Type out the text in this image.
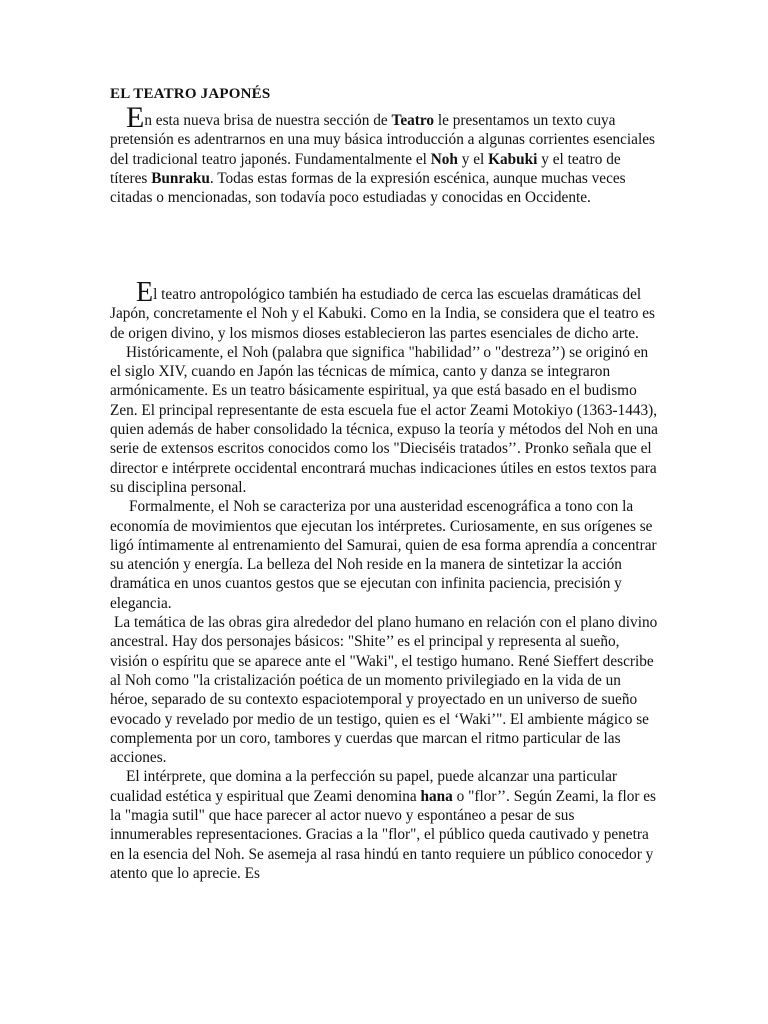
EL TEATRO JAPONÉS
En esta nueva brisa de nuestra sección de Teatro le presentamos un texto cuya pretensión es adentrarnos en una muy básica introducción a algunas corrientes esenciales del tradicional teatro japonés. Fundamentalmente el Noh y el Kabuki y el teatro de títeres Bunraku. Todas estas formas de la expresión escénica, aunque muchas veces citadas o mencionadas, son todavía poco estudiadas y conocidas en Occidente.

El teatro antropológico también ha estudiado de cerca las escuelas dramáticas del Japón, concretamente el Noh y el Kabuki. Como en la India, se considera que el teatro es de origen divino, y los mismos dioses establecieron las partes esenciales de dicho arte.

Históricamente, el Noh (palabra que significa "habilidad’’ o "destreza’’) se originó en el siglo XIV, cuando en Japón las técnicas de mímica, canto y danza se integraron armónicamente. Es un teatro básicamente espiritual, ya que está basado en el budismo Zen. El principal representante de esta escuela fue el actor Zeami Motokiyo (1363-1443), quien además de haber consolidado la técnica, expuso la teoría y métodos del Noh en una serie de extensos escritos conocidos como los "Dieciséis tratados’’. Pronko señala que el director e intérprete occidental encontrará muchas indicaciones útiles en estos textos para su disciplina personal.

Formalmente, el Noh se caracteriza por una austeridad escenográfica a tono con la economía de movimientos que ejecutan los intérpretes. Curiosamente, en sus orígenes se ligó íntimamente al entrenamiento del Samurai, quien de esa forma aprendía a concentrar su atención y energía. La belleza del Noh reside en la manera de sintetizar la acción dramática en unos cuantos gestos que se ejecutan con infinita paciencia, precisión y elegancia.

La temática de las obras gira alrededor del plano humano en relación con el plano divino ancestral. Hay dos personajes básicos: "Shite’’ es el principal y representa al sueño, visión o espíritu que se aparece ante el "Waki", el testigo humano. René Sieffert describe al Noh como "la cristalización poética de un momento privilegiado en la vida de un héroe, separado de su contexto espaciotemporal y proyectado en un universo de sueño evocado y revelado por medio de un testigo, quien es el ‘Waki’". El ambiente mágico se complementa por un coro, tambores y cuerdas que marcan el ritmo particular de las acciones.

El intérprete, que domina a la perfección su papel, puede alcanzar una particular cualidad estética y espiritual que Zeami denomina hana o "flor’’. Según Zeami, la flor es la "magia sutil" que hace parecer al actor nuevo y espontáneo a pesar de sus innumerables representaciones. Gracias a la "flor", el público queda cautivado y penetra en la esencia del Noh. Se asemeja al rasa hindú en tanto requiere un público conocedor y atento que lo aprecie. Es
